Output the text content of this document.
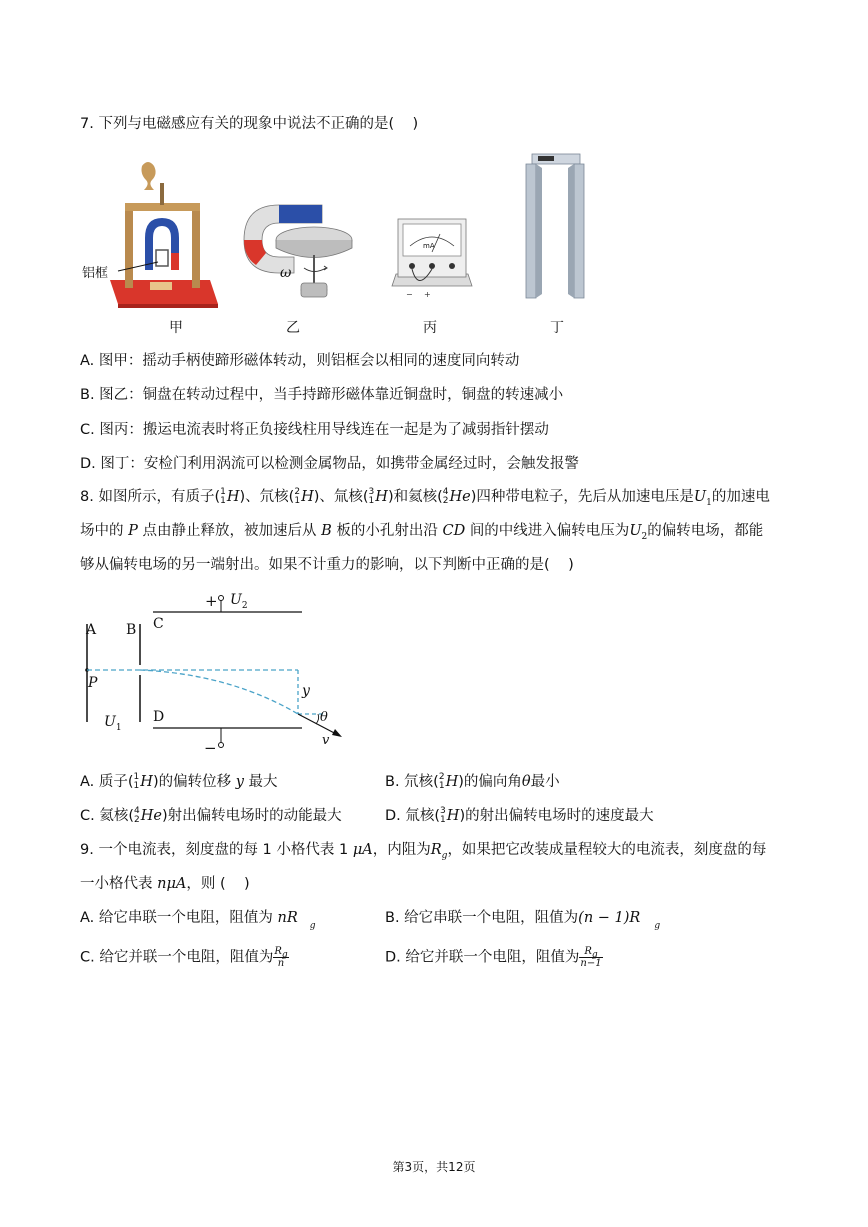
7. 下列与电磁感应有关的现象中说法不正确的是(    )
铝框	ω
− +
mA
甲	乙	丙	丁
A. 图甲：摇动手柄使蹄形磁体转动，则铝框会以相同的速度同向转动
B. 图乙：铜盘在转动过程中，当手持蹄形磁体靠近铜盘时，铜盘的转速减小
C. 图丙：搬运电流表时将正负接线柱用导线连在一起是为了减弱指针摆动
D. 图丁：安检门利用涡流可以检测金属物品，如携带金属经过时，会触发报警
8. 如图所示，有质子( 1
1 H)、氘核( 2
1 H)、氚核( 3
1 H)和氦核( 4
2 He)四种带电粒子，先后从加速电压是$U_1$的加速电
场中的 P 点由静止释放，被加速后从 B 板的小孔射出沿 CD 间的中线进入偏转电压为$U_2$的偏转电场，都能
够从偏转电场的另一端射出。如果不计重力的影响，以下判断中正确的是(    )
+ $U_2$
A B C
D
P
$U_1$
y
θ
v
−
A. 质子( 1
1 H)的偏转位移 y 最大	B. 氘核( 2
1 H)的偏向角θ最小
C. 氦核( 4
2 He)射出偏转电场时的动能最大	D. 氚核( 3
1 H)的射出偏转电场时的速度最大
9. 一个电流表，刻度盘的每 1 小格代表 1 μA，内阻为$R_g$，如果把它改装成量程较大的电流表，刻度盘的每
一小格代表 nμA，则 (    )
A. 给它串联一个电阻，阻值为 nR $_g$	B. 给它串联一个电阻，阻值为(n − 1)R $_g$
C. 给它并联一个电阻，阻值为 $\frac{R_g}{n}$	D. 给它并联一个电阻，阻值为 $\frac{R_g}{n-1}$
第3页，共12页
